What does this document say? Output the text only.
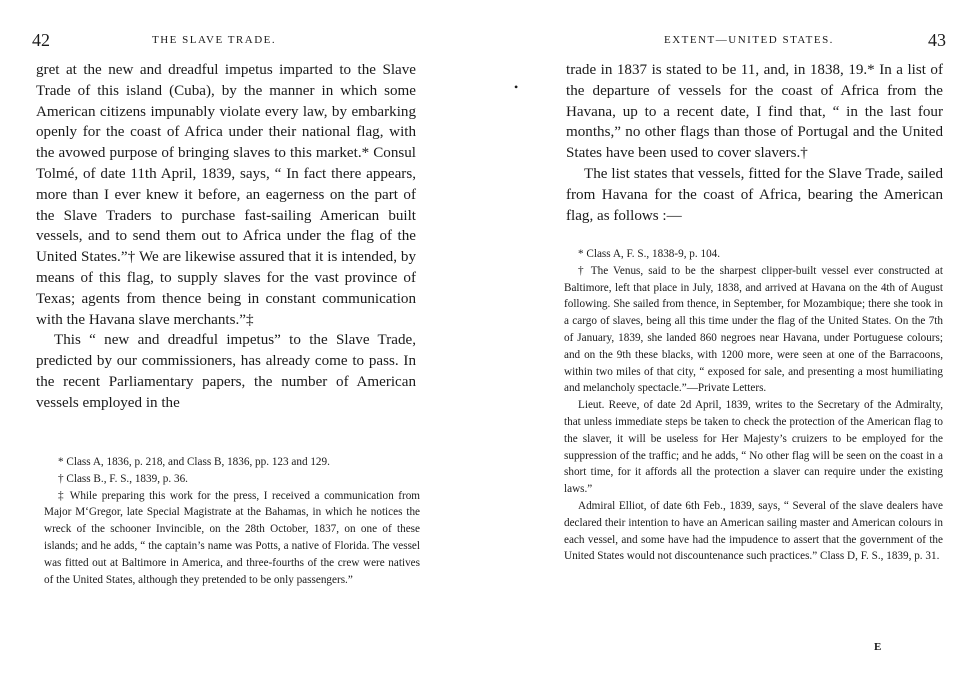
42	THE SLAVE TRADE.

gret at the new and dreadful impetus imparted to the Slave Trade of this island (Cuba), by the manner in which some American citizens impunably violate every law, by embarking openly for the coast of Africa under their national flag, with the avowed purpose of bringing slaves to this market.* Consul Tolmé, of date 11th April, 1839, says, “ In fact there appears, more than I ever knew it before, an eagerness on the part of the Slave Traders to purchase fast-sailing American built vessels, and to send them out to Africa under the flag of the United States.”† We are likewise assured that it is intended, by means of this flag, to supply slaves for the vast province of Texas; agents from thence being in constant communication with the Havana slave merchants.”‡

This “ new and dreadful impetus” to the Slave Trade, predicted by our commissioners, has already come to pass. In the recent Parliamentary papers, the number of American vessels employed in the

* Class A, 1836, p. 218, and Class B, 1836, pp. 123 and 129.

† Class B., F. S., 1839, p. 36.

‡ While preparing this work for the press, I received a communication from Major M‘Gregor, late Special Magistrate at the Bahamas, in which he notices the wreck of the schooner Invincible, on the 28th October, 1837, on one of these islands; and he adds, “ the captain’s name was Potts, a native of Florida. The vessel was fitted out at Baltimore in America, and three-fourths of the crew were natives of the United States, although they pretended to be only passengers.”

43
EXTENT—UNITED STATES.
•

trade in 1837 is stated to be 11, and, in 1838, 19.* In a list of the departure of vessels for the coast of Africa from the Havana, up to a recent date, I find that, “ in the last four months,” no other flags than those of Portugal and the United States have been used to cover slavers.†

The list states that vessels, fitted for the Slave Trade, sailed from Havana for the coast of Africa, bearing the American flag, as follows :—

* Class A, F. S., 1838-9, p. 104.

† The Venus, said to be the sharpest clipper-built vessel ever constructed at Baltimore, left that place in July, 1838, and arrived at Havana on the 4th of August following. She sailed from thence, in September, for Mozambique; there she took in a cargo of slaves, being all this time under the flag of the United States. On the 7th of January, 1839, she landed 860 negroes near Havana, under Portuguese colours; and on the 9th these blacks, with 1200 more, were seen at one of the Barracoons, within two miles of that city, “ exposed for sale, and presenting a most humiliating and melancholy spectacle.”—Private Letters.

Lieut. Reeve, of date 2d April, 1839, writes to the Secretary of the Admiralty, that unless immediate steps be taken to check the protection of the American flag to the slaver, it will be useless for Her Majesty’s cruizers to be employed for the suppression of the traffic; and he adds, “ No other flag will be seen on the coast in a short time, for it affords all the protection a slaver can require under the existing laws.”

Admiral Elliot, of date 6th Feb., 1839, says, “ Several of the slave dealers have declared their intention to have an American sailing master and American colours in each vessel, and some have had the impudence to assert that the government of the United States would not discountenance such practices.” Class D, F. S., 1839, p. 31.

E
